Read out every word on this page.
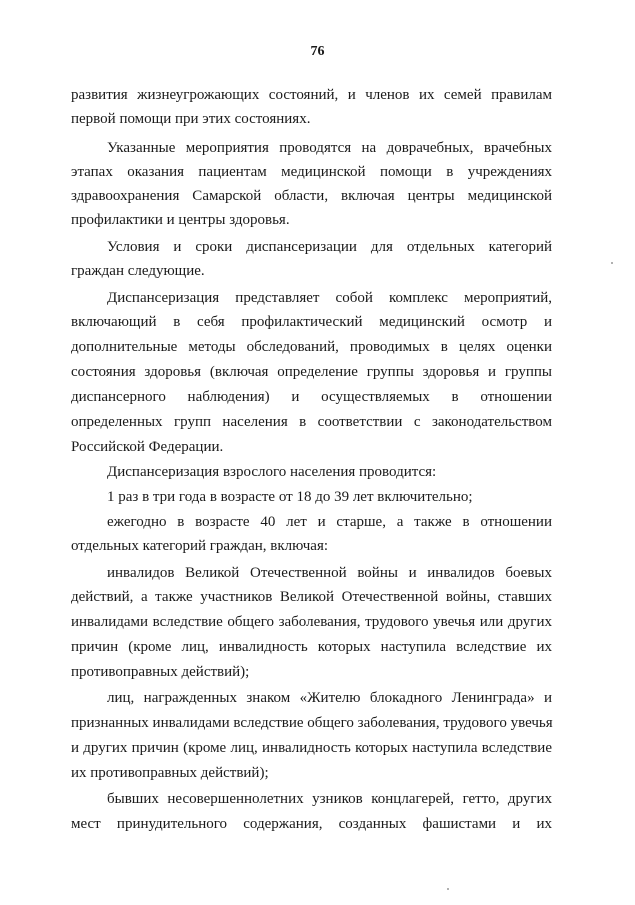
76
развития жизнеугрожающих состояний, и членов их семей правилам
первой помощи при этих состояниях.
Указанные мероприятия проводятся на доврачебных, врачебных
этапах оказания пациентам медицинской помощи в учреждениях
здравоохранения Самарской области, включая центры медицинской
профилактики и центры здоровья.
Условия и сроки диспансеризации для отдельных категорий
граждан следующие.
Диспансеризация представляет собой комплекс мероприятий,
включающий в себя профилактический медицинский осмотр и
дополнительные методы обследований, проводимых в целях оценки
состояния здоровья (включая определение группы здоровья и группы
диспансерного наблюдения) и осуществляемых в отношении
определенных групп населения в соответствии с законодательством
Российской Федерации.
Диспансеризация взрослого населения проводится:
1 раз в три года в возрасте от 18 до 39 лет включительно;
ежегодно в возрасте 40 лет и старше, а также в отношении
отдельных категорий граждан, включая:
инвалидов Великой Отечественной войны и инвалидов боевых
действий, а также участников Великой Отечественной войны, ставших
инвалидами вследствие общего заболевания, трудового увечья или других
причин (кроме лиц, инвалидность которых наступила вследствие их
противоправных действий);
лиц, награжденных знаком «Жителю блокадного Ленинграда» и
признанных инвалидами вследствие общего заболевания, трудового увечья
и других причин (кроме лиц, инвалидность которых наступила вследствие
их противоправных действий);
бывших несовершеннолетних узников концлагерей, гетто, других
мест принудительного содержания, созданных фашистами и их
